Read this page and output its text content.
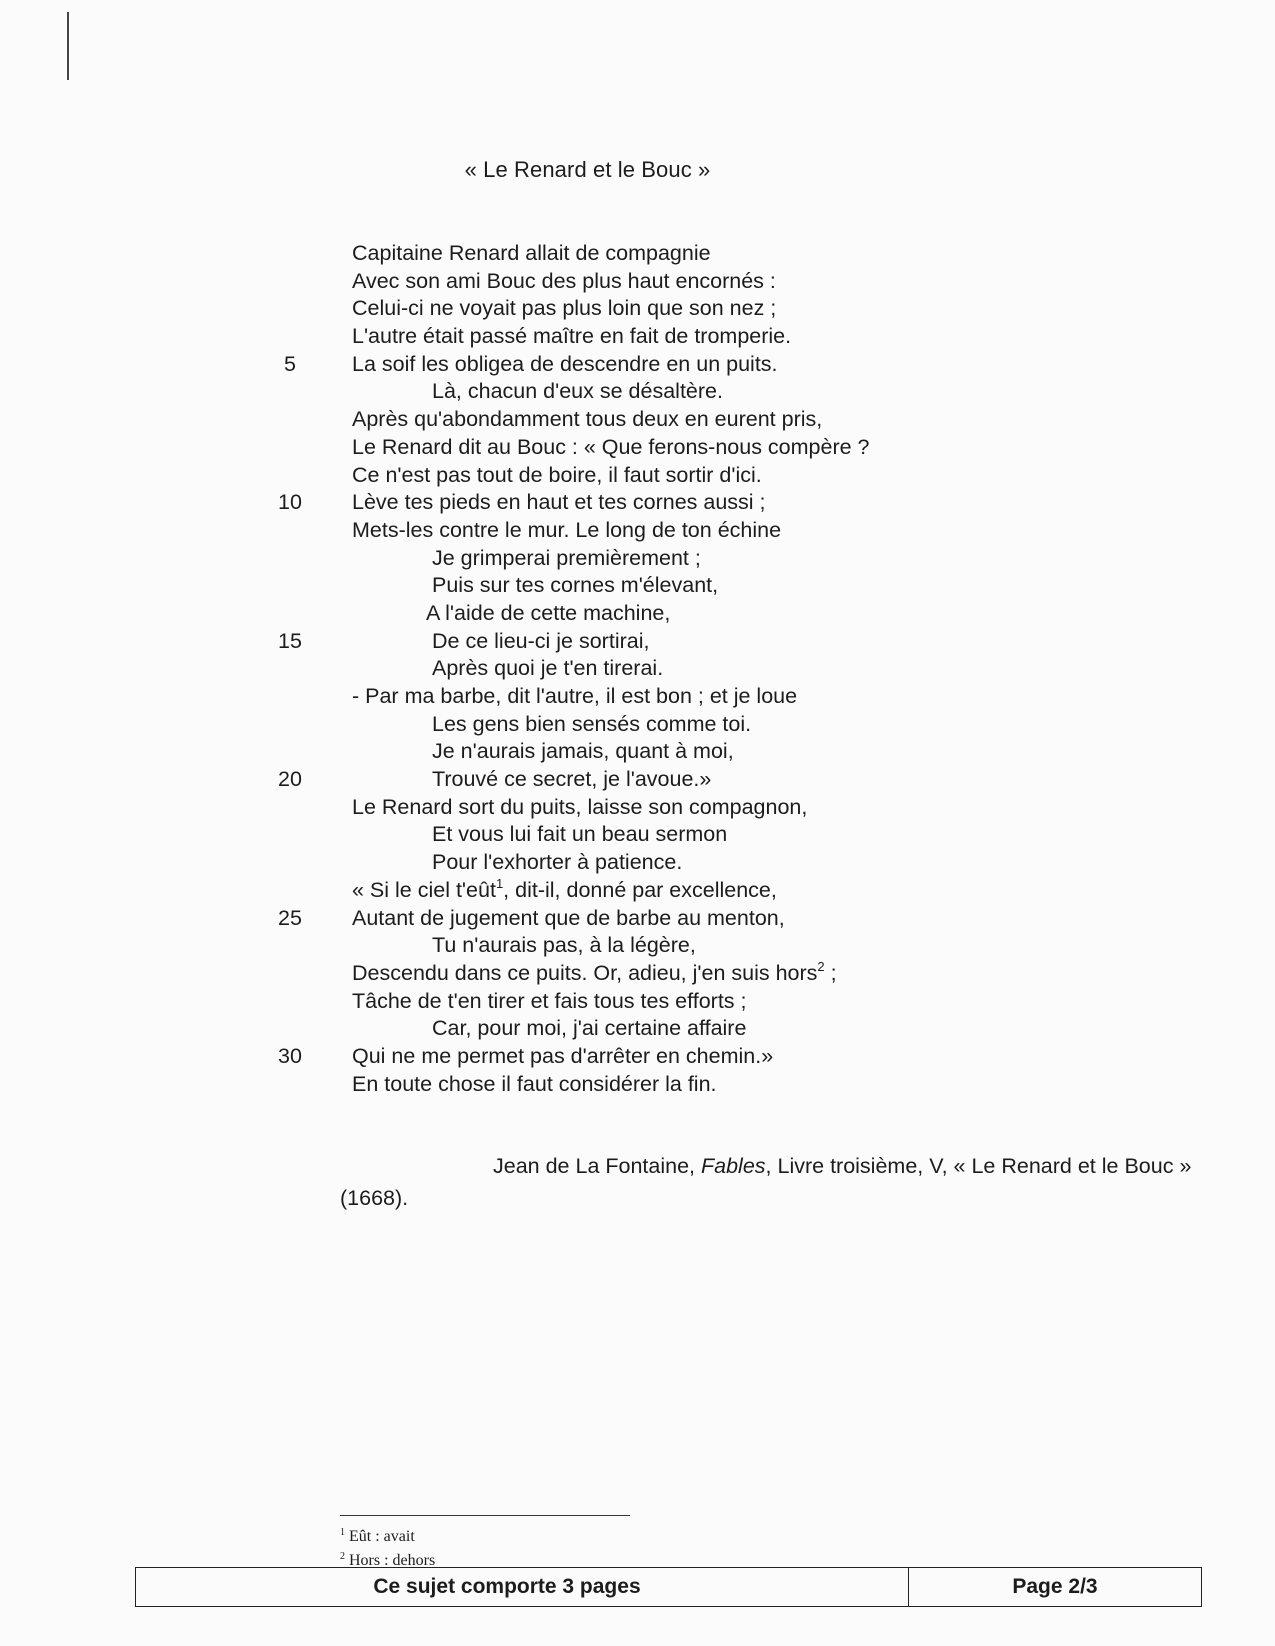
« Le Renard et le Bouc »
Capitaine Renard allait de compagnie
Avec son ami Bouc des plus haut encornés :
Celui-ci ne voyait pas plus loin que son nez ;
L'autre était passé maître en fait de tromperie.
5	La soif les obligea de descendre en un puits.
Là, chacun d'eux se désaltère.
Après qu'abondamment tous deux en eurent pris,
Le Renard dit au Bouc : « Que ferons-nous compère ?
Ce n'est pas tout de boire, il faut sortir d'ici.
10	Lève tes pieds en haut et tes cornes aussi ;
Mets-les contre le mur. Le long de ton échine
Je grimperai premièrement ;
Puis sur tes cornes m'élevant,
A l'aide de cette machine,
15	De ce lieu-ci je sortirai,
Après quoi je t'en tirerai.
- Par ma barbe, dit l'autre, il est bon ; et je loue
Les gens bien sensés comme toi.
Je n'aurais jamais, quant à moi,
20	Trouvé ce secret, je l'avoue.»
Le Renard sort du puits, laisse son compagnon,
Et vous lui fait un beau sermon
Pour l'exhorter à patience.
« Si le ciel t'eût$^1$, dit-il, donné par excellence,
25	Autant de jugement que de barbe au menton,
Tu n'aurais pas, à la légère,
Descendu dans ce puits. Or, adieu, j'en suis hors$^2$ ;
Tâche de t'en tirer et fais tous tes efforts ;
Car, pour moi, j'ai certaine affaire
30	Qui ne me permet pas d'arrêter en chemin.»
En toute chose il faut considérer la fin.
Jean de La Fontaine, Fables, Livre troisième, V, « Le Renard et le Bouc » (1668).
$^1$ Eût : avait
$^2$ Hors : dehors
Ce sujet comporte 3 pages	Page 2/3
